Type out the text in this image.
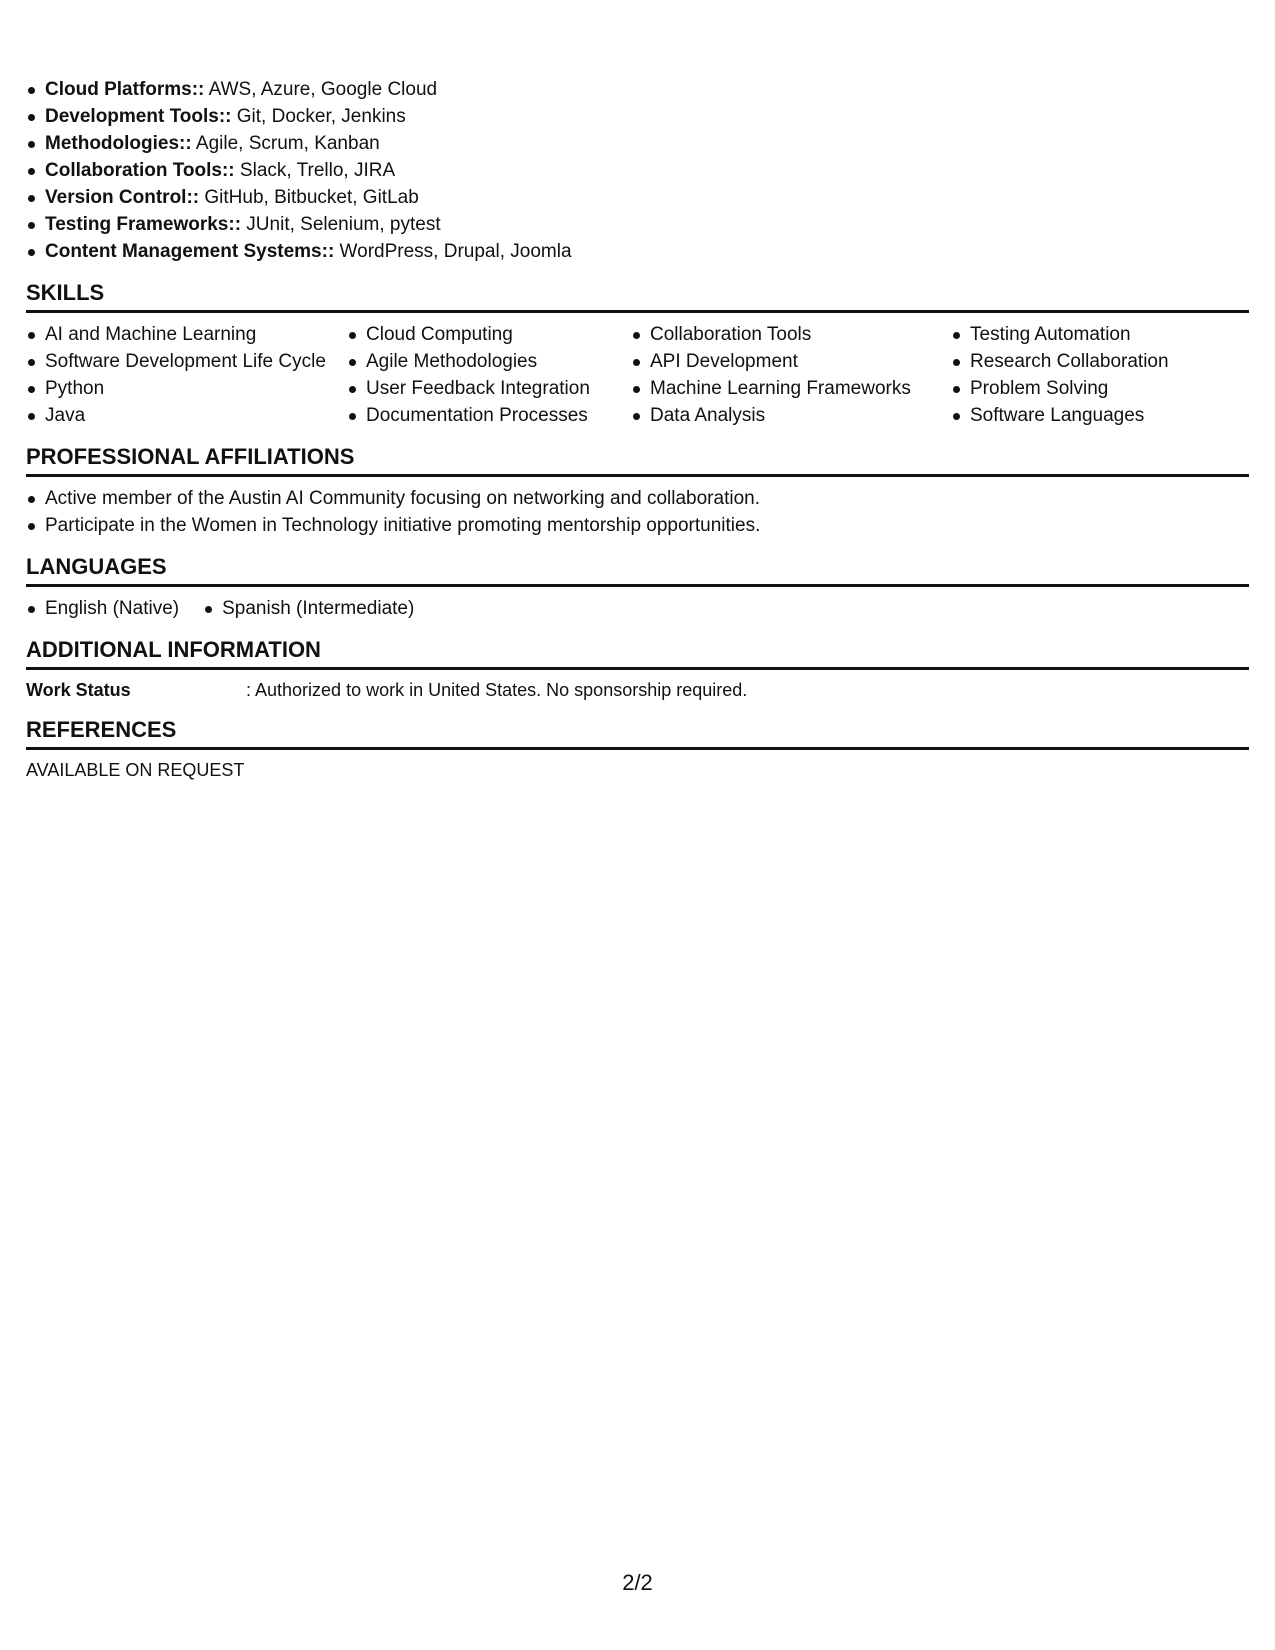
Cloud Platforms:: AWS, Azure, Google Cloud
Development Tools:: Git, Docker, Jenkins
Methodologies:: Agile, Scrum, Kanban
Collaboration Tools:: Slack, Trello, JIRA
Version Control:: GitHub, Bitbucket, GitLab
Testing Frameworks:: JUnit, Selenium, pytest
Content Management Systems:: WordPress, Drupal, Joomla
SKILLS
AI and Machine Learning
Software Development Life Cycle
Python
Java
Cloud Computing
Agile Methodologies
User Feedback Integration
Documentation Processes
Collaboration Tools
API Development
Machine Learning Frameworks
Data Analysis
Testing Automation
Research Collaboration
Problem Solving
Software Languages
PROFESSIONAL AFFILIATIONS
Active member of the Austin AI Community focusing on networking and collaboration.
Participate in the Women in Technology initiative promoting mentorship opportunities.
LANGUAGES
English (Native) Spanish (Intermediate)
ADDITIONAL INFORMATION
Work Status	: Authorized to work in United States. No sponsorship required.
REFERENCES
AVAILABLE ON REQUEST
2/2
